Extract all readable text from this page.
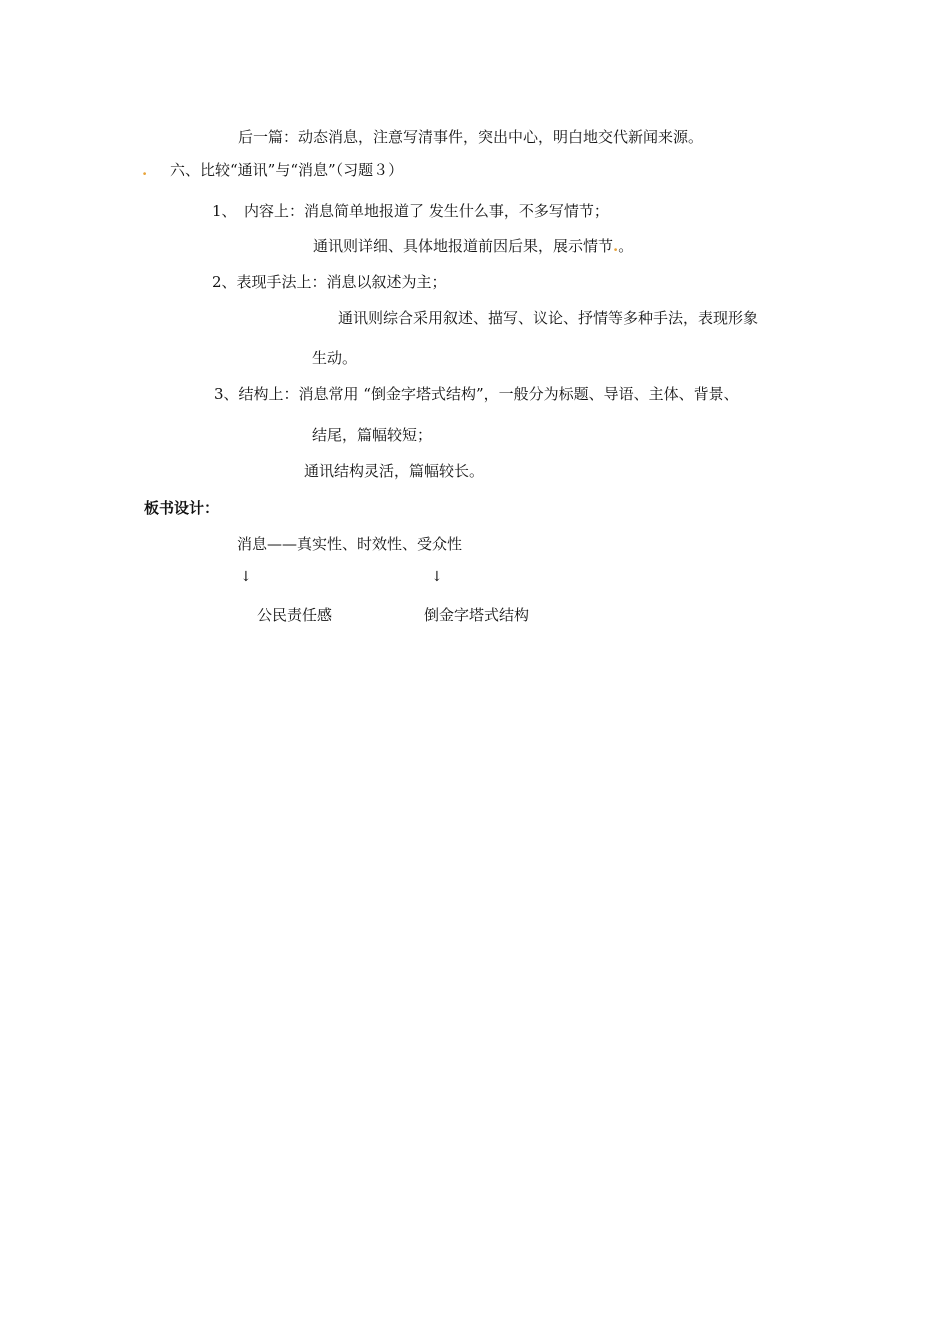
后一篇：动态消息，注意写清事件，突出中心，明白地交代新闻来源。
. 六、比较“通讯”与“消息”（习题３）
1、　内容上：消息简单地报道了 发生什么事，不多写情节；
通讯则详细、具体地报道前因后果，展示情节.。
2、表现手法上：消息以叙述为主；
通讯则综合采用叙述、描写、议论、抒情等多种手法，表现形象
生动。
3、结构上：消息常用 “倒金字塔式结构”，一般分为标题、导语、主体、背景、
结尾，篇幅较短；
通讯结构灵活，篇幅较长。
板书设计：
消息——真实性、时效性、受众性
↓	↓
公民责任感	倒金字塔式结构
